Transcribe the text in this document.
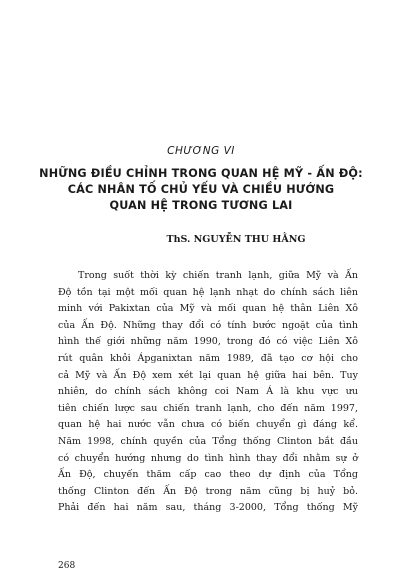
CHƯƠNG VI
NHỮNG ĐIỀU CHỈNH TRONG QUAN HỆ MỸ - ẤN ĐỘ:
CÁC NHÂN TỐ CHỦ YẾU VÀ CHIỀU HƯỚNG
QUAN HỆ TRONG TƯƠNG LAI
ThS. NGUYỄN THU HẰNG
Trong suốt thời kỳ chiến tranh lạnh, giữa Mỹ và Ấn
Độ tồn tại một mối quan hệ lạnh nhạt do chính sách liên
minh với Pakixtan của Mỹ và mối quan hệ thân Liên Xô
của Ấn Độ. Những thay đổi có tính bước ngoặt của tình
hình thế giới những năm 1990, trong đó có việc Liên Xô
rút quân khỏi Ápganixtan năm 1989, đã tạo cơ hội cho
cả Mỹ và Ấn Độ xem xét lại quan hệ giữa hai bên. Tuy
nhiên, do chính sách không coi Nam Á là khu vực ưu
tiên chiến lược sau chiến tranh lạnh, cho đến năm 1997,
quan hệ hai nước vẫn chưa có biến chuyển gì đáng kể.
Năm 1998, chính quyền của Tổng thống Clinton bắt đầu
có chuyển hướng nhưng do tình hình thay đổi nhằm sự ở
Ấn Độ, chuyến thăm cấp cao theo dự định của Tổng
thống Clinton đến Ấn Độ trong năm cũng bị huỷ bỏ.
Phải đến hai năm sau, tháng 3-2000, Tổng thống Mỹ
268
